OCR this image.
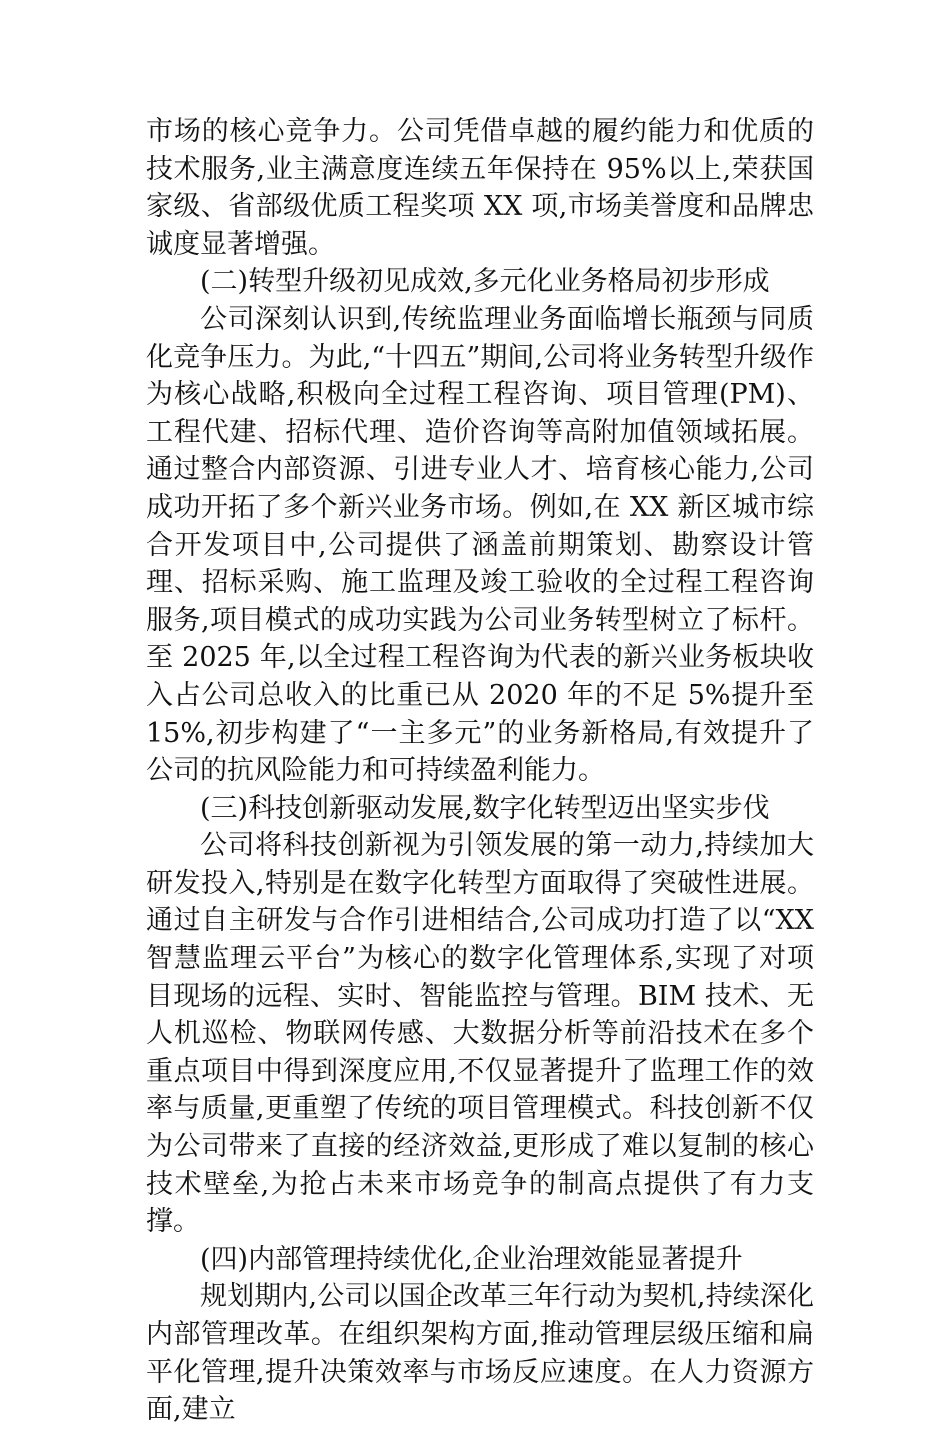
市场的核心竞争力。公司凭借卓越的履约能力和优质的技术服务,业主满意度连续五年保持在 95%以上,荣获国家级、省部级优质工程奖项 XX 项,市场美誉度和品牌忠诚度显著增强。

(二)转型升级初见成效,多元化业务格局初步形成

公司深刻认识到,传统监理业务面临增长瓶颈与同质化竞争压力。为此,“十四五”期间,公司将业务转型升级作为核心战略,积极向全过程工程咨询、项目管理(PM)、工程代建、招标代理、造价咨询等高附加值领域拓展。通过整合内部资源、引进专业人才、培育核心能力,公司成功开拓了多个新兴业务市场。例如,在 XX 新区城市综合开发项目中,公司提供了涵盖前期策划、勘察设计管理、招标采购、施工监理及竣工验收的全过程工程咨询服务,项目模式的成功实践为公司业务转型树立了标杆。至 2025 年,以全过程工程咨询为代表的新兴业务板块收入占公司总收入的比重已从 2020 年的不足 5%提升至 15%,初步构建了“一主多元”的业务新格局,有效提升了公司的抗风险能力和可持续盈利能力。

(三)科技创新驱动发展,数字化转型迈出坚实步伐

公司将科技创新视为引领发展的第一动力,持续加大研发投入,特别是在数字化转型方面取得了突破性进展。通过自主研发与合作引进相结合,公司成功打造了以“XX 智慧监理云平台”为核心的数字化管理体系,实现了对项目现场的远程、实时、智能监控与管理。BIM 技术、无人机巡检、物联网传感、大数据分析等前沿技术在多个重点项目中得到深度应用,不仅显著提升了监理工作的效率与质量,更重塑了传统的项目管理模式。科技创新不仅为公司带来了直接的经济效益,更形成了难以复制的核心技术壁垒,为抢占未来市场竞争的制高点提供了有力支撑。

(四)内部管理持续优化,企业治理效能显著提升

规划期内,公司以国企改革三年行动为契机,持续深化内部管理改革。在组织架构方面,推动管理层级压缩和扁平化管理,提升决策效率与市场反应速度。在人力资源方面,建立
